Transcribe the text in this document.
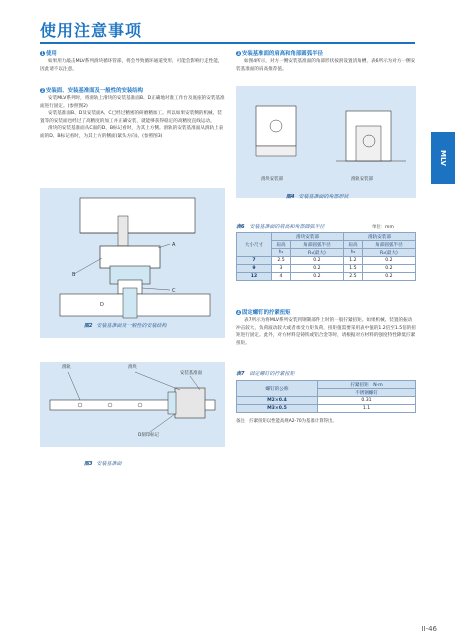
使用注意事项
MLV
1 使用

如果用力敲击MLV系列滑块循环管部，将会导致循环通道变形，可能会影响行走性能，因此请不以注意。

2 安装面、安装基准面及一般性的安装结构

安装MLV系列时，将滑轨上滑块的安装基准面B、D正确地对准工作台及底座的安装基准面进行固定。(参照图2)

安装基准面B、D及安装面A、C已经过精密的研磨精加工。所以如果安装侧的机械、装置等的安装面也经过了高精度的加工并正确安装，就能够获得稳定的高精度直线运动。

滑块的安装基准面从C面的D、B标记看时，为其上方侧。滑轨的安装基准面从滑轨上表面的D、B标记看时，为其上方的侧面(紧头方向)。(参照图3)

B
A
C
D
图2 安装基准面及一般性的安装结构
滑轨	滑块
安装基准面
D刻印标记
图3 安装基准面
3 安装基准面的肩高和角部圆弧半径

如图4所示，对方一侧安装基准面的角部形状按滑设置清角槽，表6所示为对方一侧安装基准面的肩高推荐值。

滑块安装部	滑轨安装部
图4 安装基准面的角部形状
表6　 安装基准面的肩高和角部圆弧半径	单位：mm
大小尺寸	滑块安装部		滑轨安装部	
	肩高	角部圆弧半径	肩高	角部圆弧半径
	h₁	R₁(最大)	h₂	R₂(最大)
7	2.5	0.2	1.2	0.2
9	3	0.2	1.5	0.2
12	4	0.2	2.5	0.2
4 固定螺钉的拧紧扭矩

表7所示为将MLV系列安装到钢制部件上时的一般拧紧扭矩。如果机械、装置的振动冲击较大，负荷波动较大或者承受力矩负荷，扭矩值需要采用表中值的1.2倍至1.5倍的扭矩进行固定。此外，对方材料是铸铁或铝合金等时，请根据对方材料的强度特性降低拧紧扭矩。

表7　 固定螺钉的拧紧扭矩
螺钉的公称	拧紧扭矩　N·m
	不锈钢螺钉
M2×0.4	0.31
M3×0.5	1.1
备注　拧紧扭矩以性能高规A2-70为基准计算得出。
II-46
